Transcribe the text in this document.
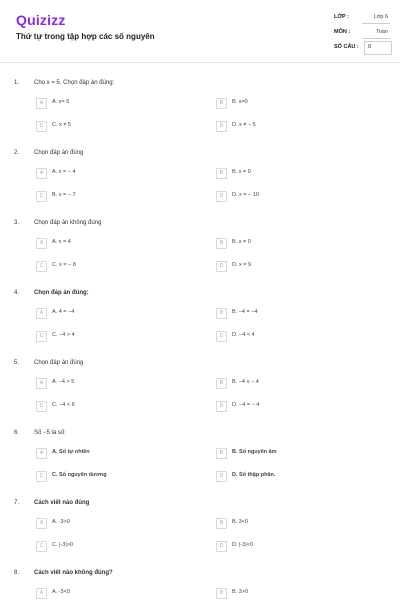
Quizizz
Thứ tự trong tập hợp các số nguyên
LỚP :	Lớp 6
MÔN :	Toán
SỐ CÂU : 8
1. Cho x = 5. Chọn đáp án đúng:
A	A. x= 5	B	B. x=0
C	C. x ≠ 5	D	D. x ≠ − 5
2. Chọn đáp án đúng
A	A. x = − 4	B	B. x = 0
C	B. x = − 7	D	D. x = − 10
3. Chọn đáp án không đúng
A	A. x = 4	B	B. x = 0
C	C. x = − 8	D	D. x = 9
4. Chọn đáp án đúng:
A	A. 4 = −4	B	B. −4 = −4
C	C. −4 > 4	D	D. −4 < 4
5. Chọn đáp án đúng
A	A. −4 > 5	B	B. −4 ≤ − 4
C	C. −4 < 6	D	D. −4 = − 4
6. Số −5 là số:
A	A. Số tự nhiên	B	B. Số nguyên âm
C	C. Số nguyên dương	D	D. Số thập phân.
7. Cách viết nào đúng
A	A. -3>0	B	B. 3<0
C	C. |-3|>0	D	D. |-3|<0
8. Cách viết nào không đúng?
A	A. -3<0	B	B. 3>0
